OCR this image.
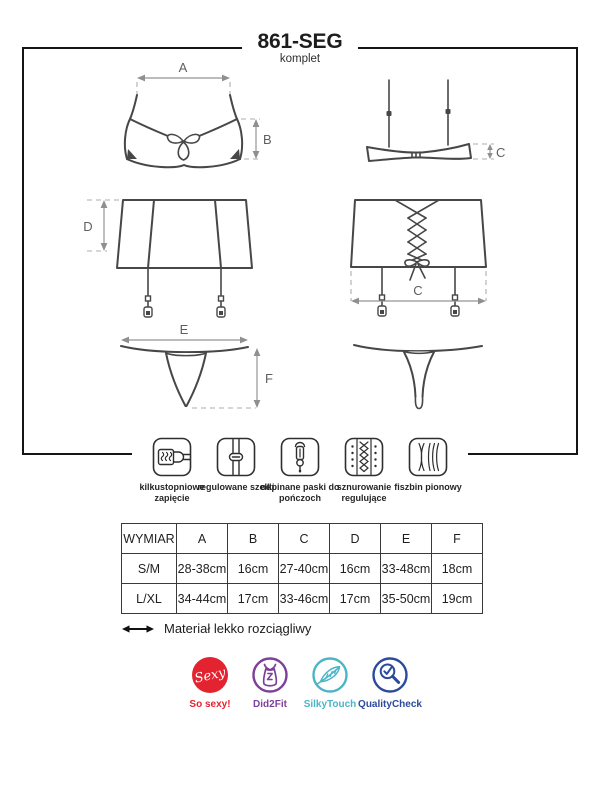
861-SEG
komplet
A
B
C
D
C
E
F
kilkustopniowe zapięcie
regulowane szelki
odpinane paski do pończoch
sznurowanie regulujące
fiszbin pionowy
WYMIAR	A	B	C	D	E	F
S/M	28-38cm	16cm	27-40cm	16cm	33-48cm	18cm
L/XL	34-44cm	17cm	33-46cm	17cm	35-50cm	19cm
Materiał lekko rozciągliwy
Sexy
So sexy! Did2Fit SilkyTouch QualityCheck
